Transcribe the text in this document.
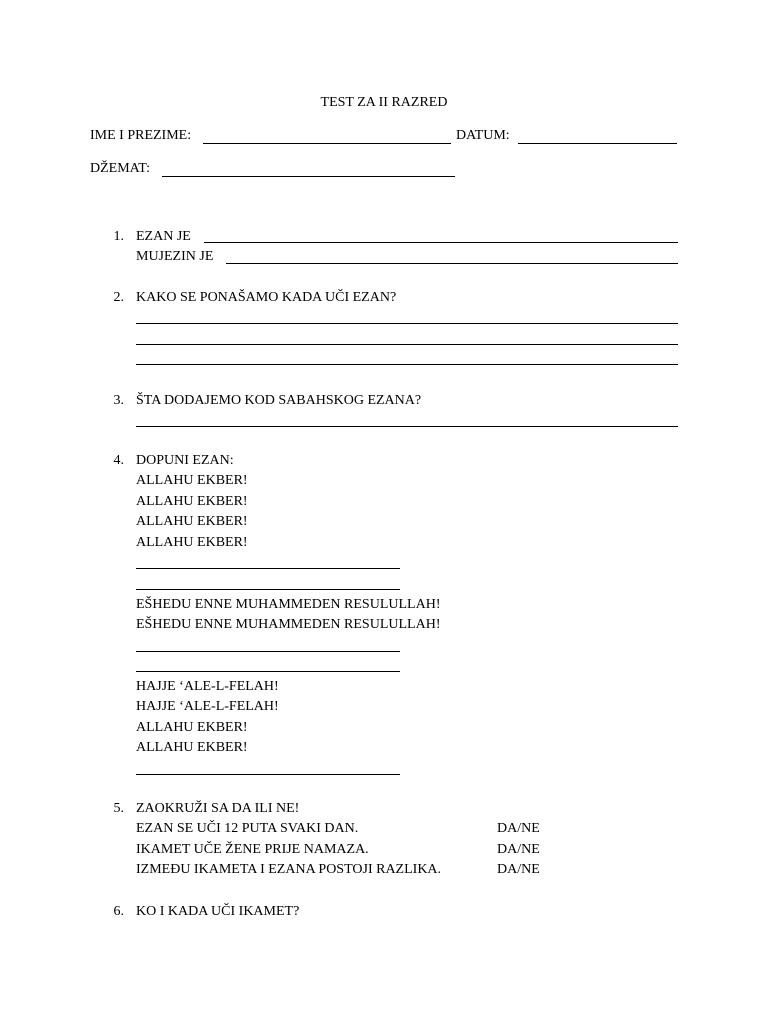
TEST ZA II RAZRED
IME I PREZIME:	DATUM:
DŽEMAT:
1. EZAN JE
MUJEZIN JE
2. KAKO SE PONAŠAMO KADA UČI EZAN?
3. ŠTA DODAJEMO KOD SABAHSKOG EZANA?
4. DOPUNI EZAN:
ALLAHU EKBER!
ALLAHU EKBER!
ALLAHU EKBER!
ALLAHU EKBER!
EŠHEDU ENNE MUHAMMEDEN RESULULLAH!
EŠHEDU ENNE MUHAMMEDEN RESULULLAH!
HAJJE ‘ALE-L-FELAH!
HAJJE ‘ALE-L-FELAH!
ALLAHU EKBER!
ALLAHU EKBER!
5. ZAOKRUŽI SA DA ILI NE!
EZAN SE UČI 12 PUTA SVAKI DAN.	DA/NE
IKAMET UČE ŽENE PRIJE NAMAZA.	DA/NE
IZMEĐU IKAMETA I EZANA POSTOJI RAZLIKA.	DA/NE
6. KO I KADA UČI IKAMET?
